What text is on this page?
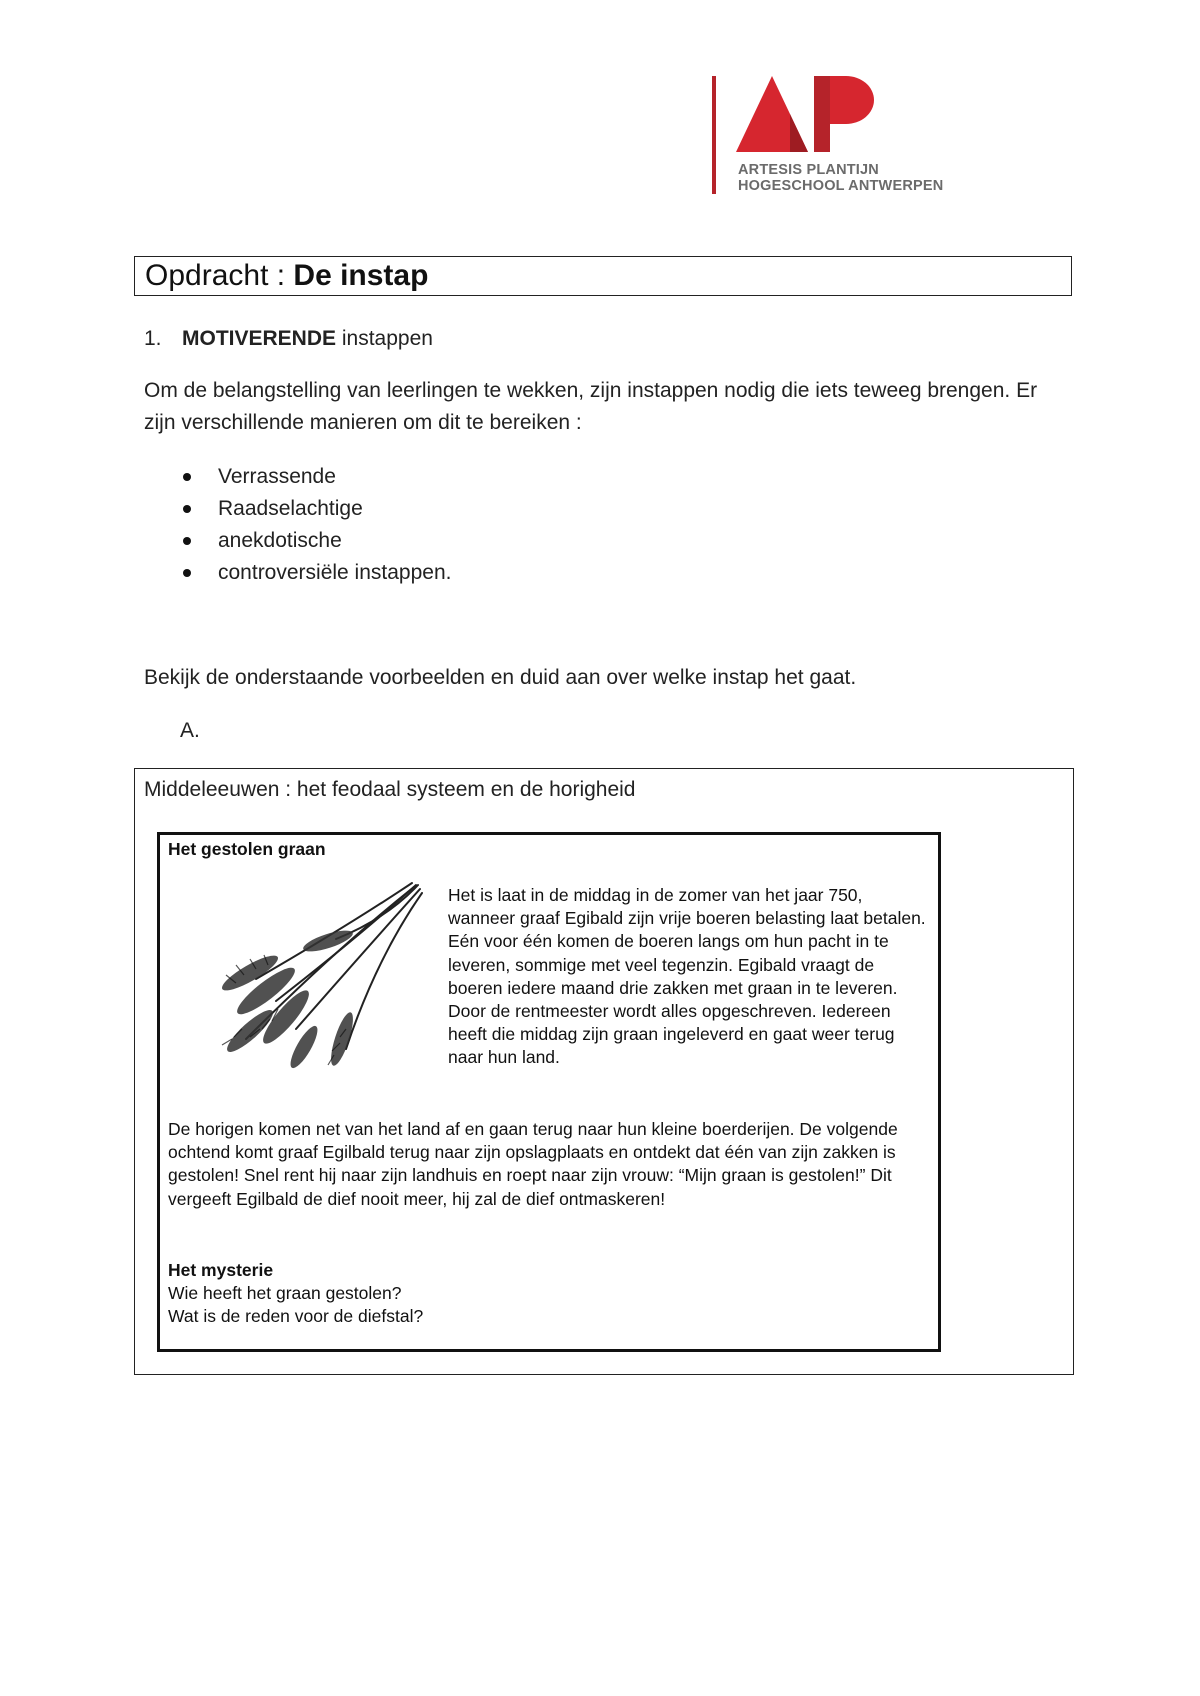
ARTESIS PLANTIJN
HOGESCHOOL ANTWERPEN
Opdracht : De instap
1. MOTIVERENDE instappen
Om de belangstelling van leerlingen te wekken, zijn instappen nodig die iets teweeg brengen. Er zijn verschillende manieren om dit te bereiken :
Verrassende
Raadselachtige
anekdotische
controversiële instappen.
Bekijk de onderstaande voorbeelden en duid aan over welke instap het gaat.
A.
Middeleeuwen : het feodaal systeem en de horigheid
Het gestolen graan
Het is laat in de middag in de zomer van het jaar 750, wanneer graaf Egibald zijn vrije boeren belasting laat betalen. Eén voor één komen de boeren langs om hun pacht in te leveren, sommige met veel tegenzin. Egibald vraagt de boeren iedere maand drie zakken met graan in te leveren. Door de rentmeester wordt alles opgeschreven. Iedereen heeft die middag zijn graan ingeleverd en gaat weer terug naar hun land.
De horigen komen net van het land af en gaan terug naar hun kleine boerderijen. De volgende ochtend komt graaf Egilbald terug naar zijn opslagplaats en ontdekt dat één van zijn zakken is gestolen! Snel rent hij naar zijn landhuis en roept naar zijn vrouw: “Mijn graan is gestolen!” Dit vergeeft Egilbald de dief nooit meer, hij zal de dief ontmaskeren!
Het mysterie
Wie heeft het graan gestolen?
Wat is de reden voor de diefstal?
